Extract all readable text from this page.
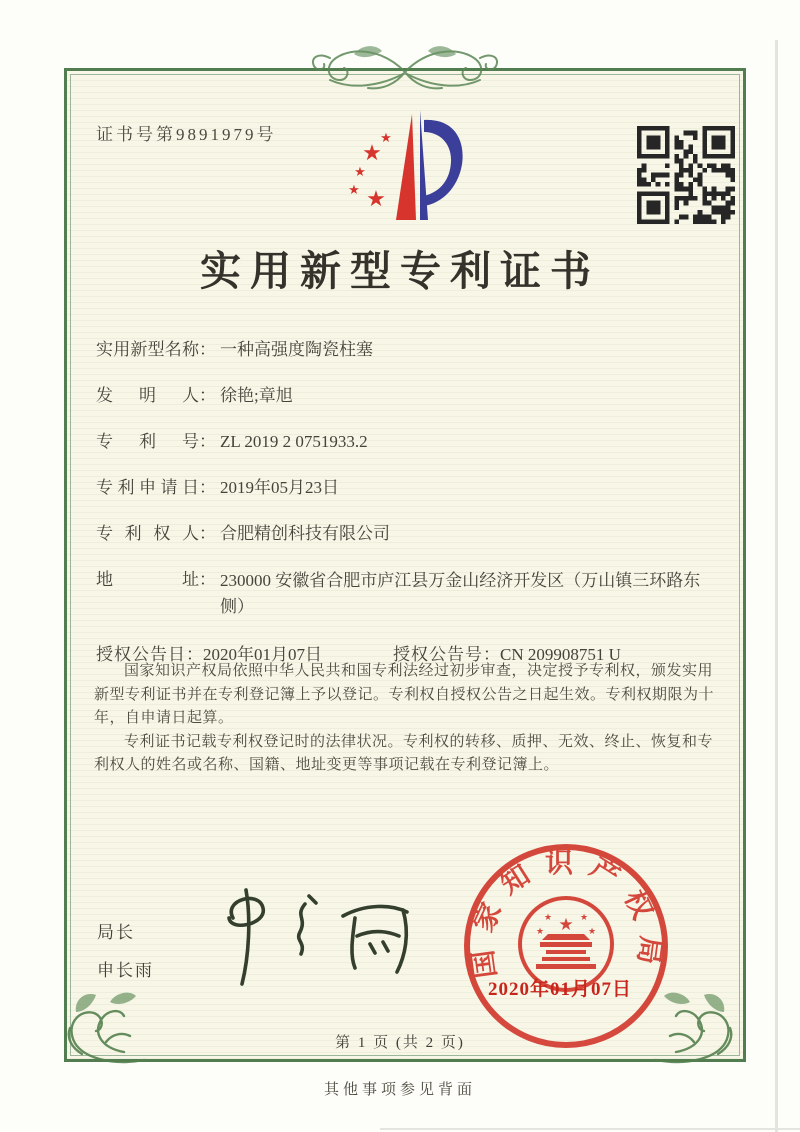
证书号第9891979号	★
★
★
★ ★
实用新型专利证书
实用新型名称 ： 一种高强度陶瓷柱塞
发明人 ： 徐艳;章旭
专利号 ： ZL 2019 2 0751933.2
专利申请日 ： 2019年05月23日
专利权人 ： 合肥精创科技有限公司
地址 ： 230000 安徽省合肥市庐江县万金山经济开发区（万山镇三环路东侧）
授权公告日 ： 2020年01月07日	授权公告号 ： CN 209908751 U

国家知识产权局依照中华人民共和国专利法经过初步审查，决定授予专利权，颁发实用新型专利证书并在专利登记簿上予以登记。专利权自授权公告之日起生效。专利权期限为十年，自申请日起算。

专利证书记载专利权登记时的法律状况。专利权的转移、质押、无效、终止、恢复和专利权人的姓名或名称、国籍、地址变更等事项记载在专利登记簿上。

局长
申长雨	国家知识产权局
★
★	★
★	★
2020年01月07日
第 1 页 (共 2 页)
其他事项参见背面
